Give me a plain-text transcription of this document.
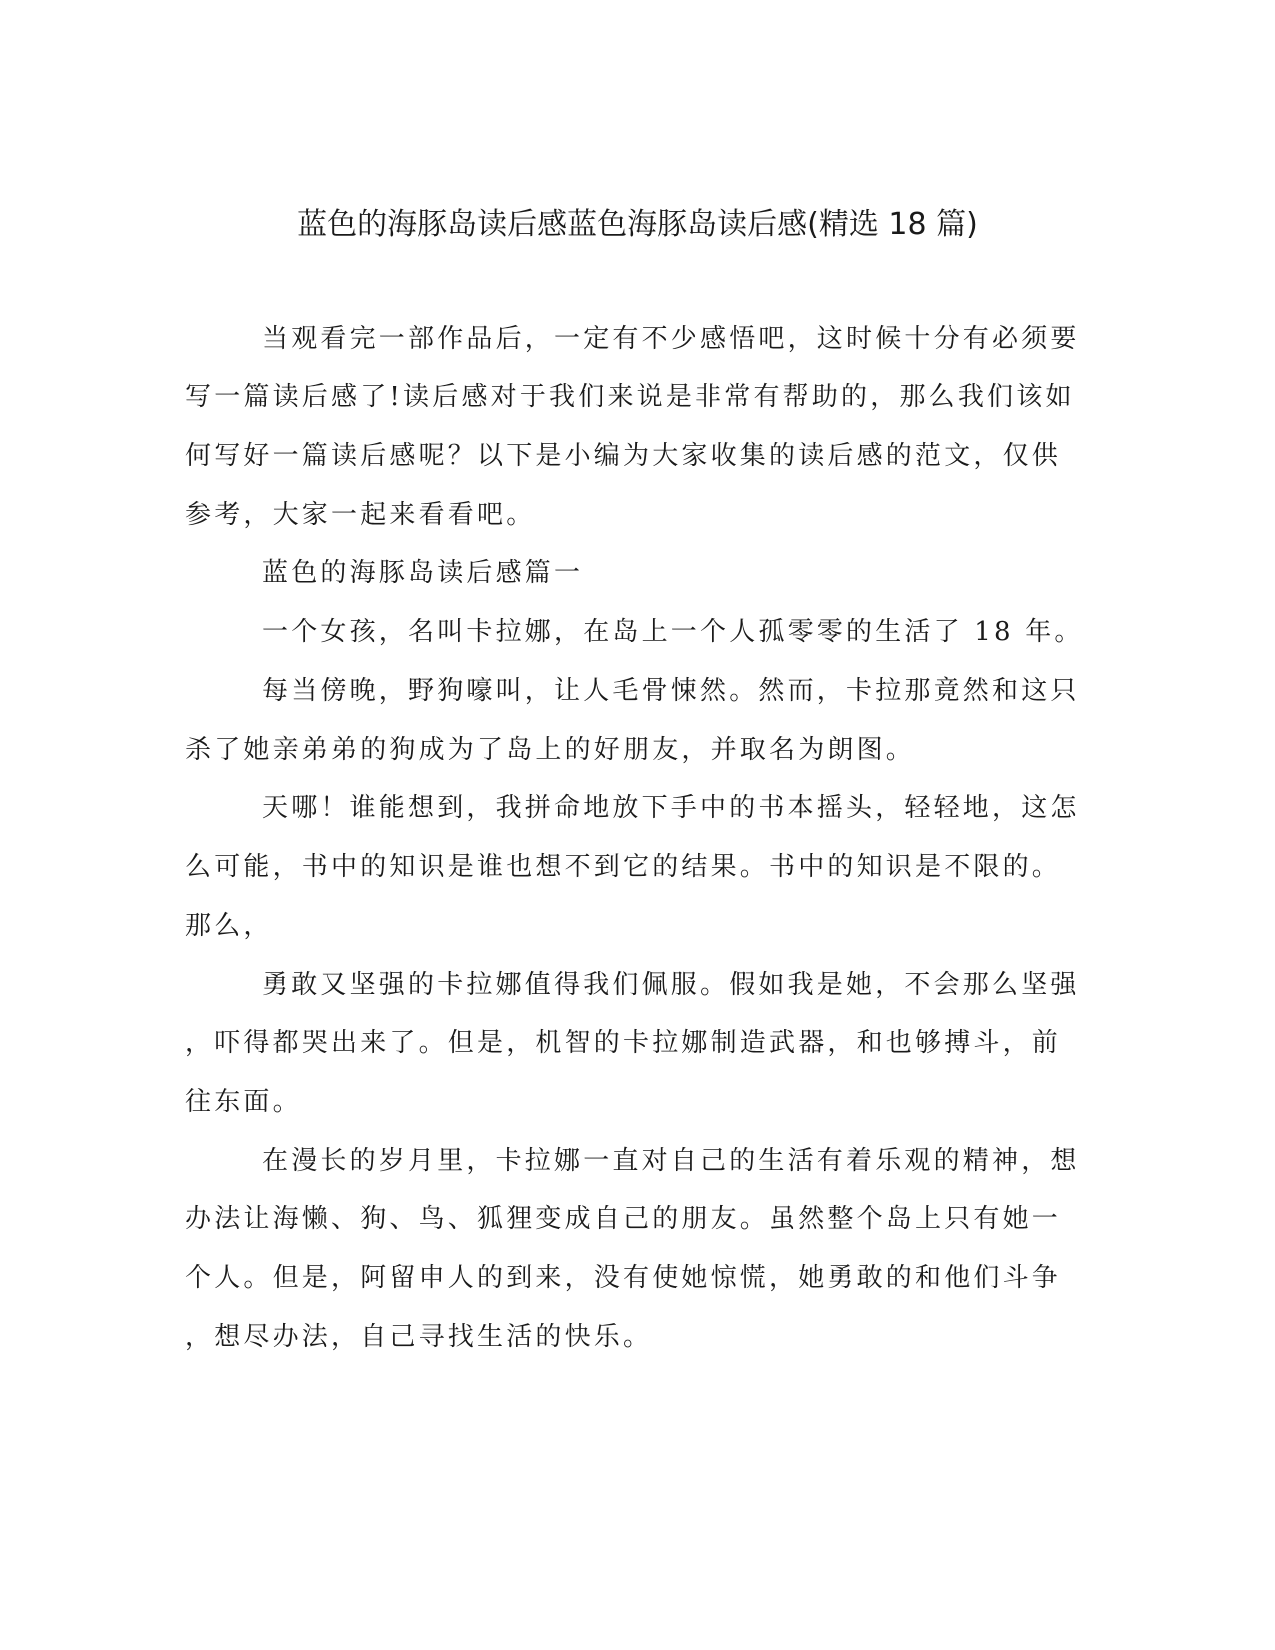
蓝色的海豚岛读后感蓝色海豚岛读后感(精选 18 篇)
当观看完一部作品后，一定有不少感悟吧，这时候十分有必须要
写一篇读后感了!读后感对于我们来说是非常有帮助的，那么我们该如
何写好一篇读后感呢？以下是小编为大家收集的读后感的范文，仅供
参考，大家一起来看看吧。
蓝色的海豚岛读后感篇一
一个女孩，名叫卡拉娜，在岛上一个人孤零零的生活了 18 年。
每当傍晚，野狗嚎叫，让人毛骨悚然。然而，卡拉那竟然和这只
杀了她亲弟弟的狗成为了岛上的好朋友，并取名为朗图。
天哪！谁能想到，我拼命地放下手中的书本摇头，轻轻地，这怎
么可能，书中的知识是谁也想不到它的结果。书中的知识是不限的。
那么，
勇敢又坚强的卡拉娜值得我们佩服。假如我是她，不会那么坚强
，吓得都哭出来了。但是，机智的卡拉娜制造武器，和也够搏斗，前
往东面。
在漫长的岁月里，卡拉娜一直对自己的生活有着乐观的精神，想
办法让海懒、狗、鸟、狐狸变成自己的朋友。虽然整个岛上只有她一
个人。但是，阿留申人的到来，没有使她惊慌，她勇敢的和他们斗争
，想尽办法，自己寻找生活的快乐。
